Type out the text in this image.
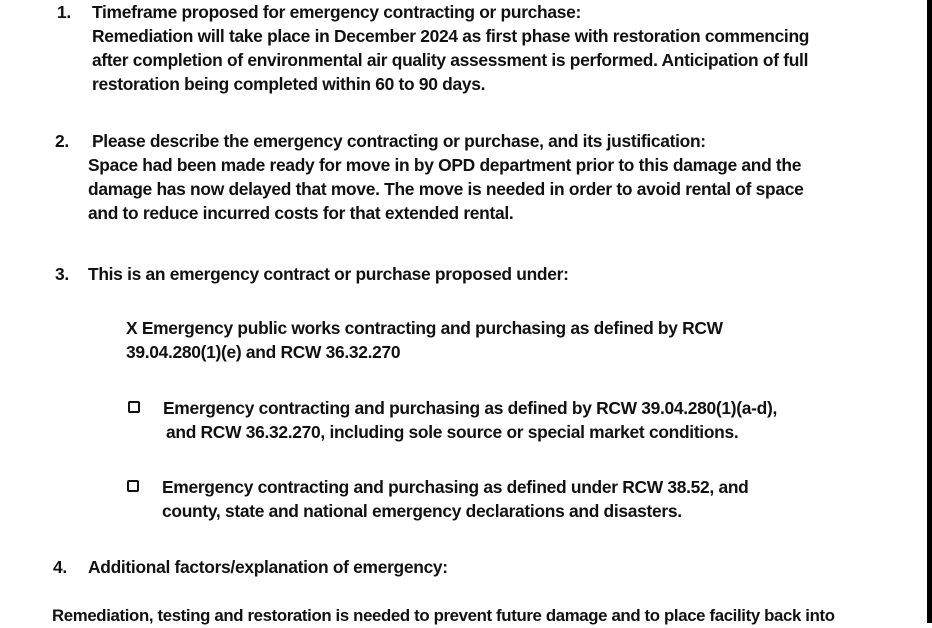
1. Timeframe proposed for emergency contracting or purchase:
Remediation will take place in December 2024 as first phase with restoration commencing
after completion of environmental air quality assessment is performed. Anticipation of full
restoration being completed within 60 to 90 days.
2. Please describe the emergency contracting or purchase, and its justification:
Space had been made ready for move in by OPD department prior to this damage and the
damage has now delayed that move. The move is needed in order to avoid rental of space
and to reduce incurred costs for that extended rental.
3. This is an emergency contract or purchase proposed under:
X Emergency public works contracting and purchasing as defined by RCW
39.04.280(1)(e) and RCW 36.32.270
Emergency contracting and purchasing as defined by RCW 39.04.280(1)(a-d),
and RCW 36.32.270, including sole source or special market conditions.
Emergency contracting and purchasing as defined under RCW 38.52, and
county, state and national emergency declarations and disasters.
4. Additional factors/explanation of emergency:
Remediation, testing and restoration is needed to prevent future damage and to place facility back into
